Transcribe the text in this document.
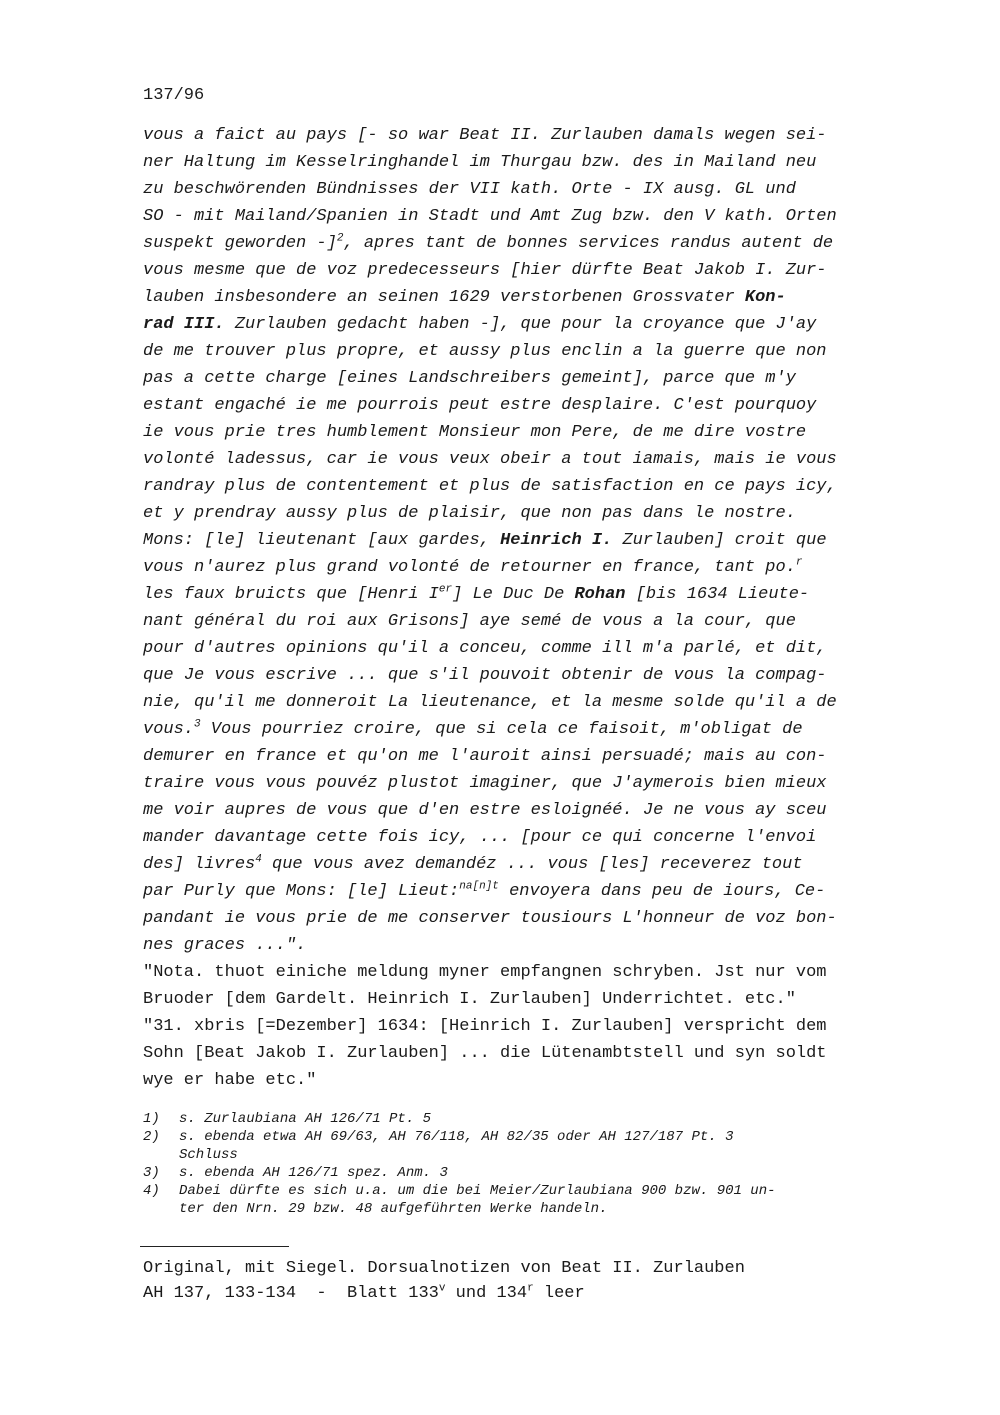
137/96
vous a faict au pays [- so war Beat II. Zurlauben damals wegen sei-
ner Haltung im Kesselringhandel im Thurgau bzw. des in Mailand neu
zu beschwörenden Bündnisses der VII kath. Orte - IX ausg. GL und
SO - mit Mailand/Spanien in Stadt und Amt Zug bzw. den V kath. Orten
suspekt geworden -]$^2$, apres tant de bonnes services randus autent de
vous mesme que de voz predecesseurs [hier dürfte Beat Jakob I. Zur-
lauben insbesondere an seinen 1629 verstorbenen Grossvater Kon-
rad III. Zurlauben gedacht haben -], que pour la croyance que J'ay
de me trouver plus propre, et aussy plus enclin a la guerre que non
pas a cette charge [eines Landschreibers gemeint], parce que m'y
estant engaché ie me pourrois peut estre desplaire. C'est pourquoy
ie vous prie tres humblement Monsieur mon Pere, de me dire vostre
volonté ladessus, car ie vous veux obeir a tout iamais, mais ie vous
randray plus de contentement et plus de satisfaction en ce pays icy,
et y prendray aussy plus de plaisir, que non pas dans le nostre.
Mons: [le] lieutenant [aux gardes, Heinrich I. Zurlauben] croit que
vous n'aurez plus grand volonté de retourner en france, tant po.$^r$
les faux bruicts que [Henri Ier] Le Duc De Rohan [bis 1634 Lieute-
nant général du roi aux Grisons] aye semé de vous a la cour, que
pour d'autres opinions qu'il a conceu, comme ill m'a parlé, et dit,
que Je vous escrive ... que s'il pouvoit obtenir de vous la compag-
nie, qu'il me donneroit La lieutenance, et la mesme solde qu'il a de
vous.$^3$ Vous pourriez croire, que si cela ce faisoit, m'obligat de
demurer en france et qu'on me l'auroit ainsi persuadé; mais au con-
traire vous vous pouvéz plustot imaginer, que J'aymerois bien mieux
me voir aupres de vous que d'en estre esloignéé. Je ne vous ay sceu
mander davantage cette fois icy, ... [pour ce qui concerne l'envoi
des] livres$^4$ que vous avez demandéz ... vous [les] receverez tout
par Purly que Mons: [le] Lieut:$^{na[n]t}$ envoyera dans peu de iours, Ce-
pandant ie vous prie de me conserver tousiours L'honneur de voz bon-
nes graces ...".
"Nota. thuot einiche meldung myner empfangnen schryben. Jst nur vom
Bruoder [dem Gardelt. Heinrich I. Zurlauben] Underrichtet. etc."
"31. xbris [=Dezember] 1634: [Heinrich I. Zurlauben] verspricht dem
Sohn [Beat Jakob I. Zurlauben] ... die Lütenambtstell und syn soldt
wye er habe etc."
1)	s. Zurlaubiana AH 126/71 Pt. 5
2)	s. ebenda etwa AH 69/63, AH 76/118, AH 82/35 oder AH 127/187 Pt. 3
Schluss
3)	s. ebenda AH 126/71 spez. Anm. 3
4)	Dabei dürfte es sich u.a. um die bei Meier/Zurlaubiana 900 bzw. 901 un-
ter den Nrn. 29 bzw. 48 aufgeführten Werke handeln.
Original, mit Siegel. Dorsualnotizen von Beat II. Zurlauben
AH 137, 133-134  -  Blatt 133$^v$ und 134$^r$ leer
